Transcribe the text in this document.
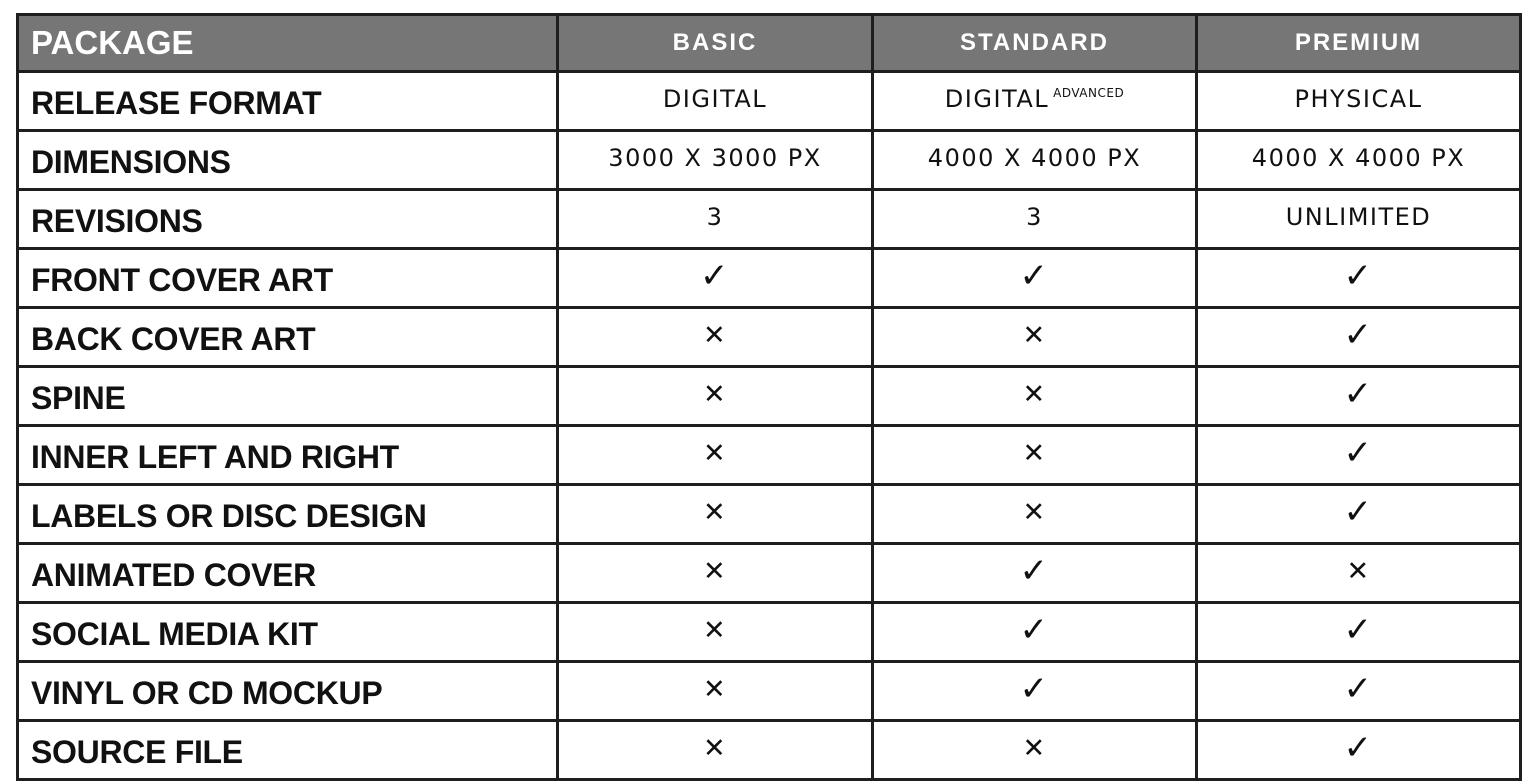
PACKAGE	BASIC	STANDARD	PREMIUM
RELEASE FORMAT	DIGITAL	DIGITAL $^{ADVANCED}$	PHYSICAL
DIMENSIONS	3000 X 3000 PX	4000 X 4000 PX	4000 X 4000 PX
REVISIONS	3	3	UNLIMITED
FRONT COVER ART	✓	✓	✓
BACK COVER ART	✕	✕	✓
SPINE	✕	✕	✓
INNER LEFT AND RIGHT	✕	✕	✓
LABELS OR DISC DESIGN	✕	✕	✓
ANIMATED COVER	✕	✓	✕
SOCIAL MEDIA KIT	✕	✓	✓
VINYL OR CD MOCKUP	✕	✓	✓
SOURCE FILE	✕	✕	✓
